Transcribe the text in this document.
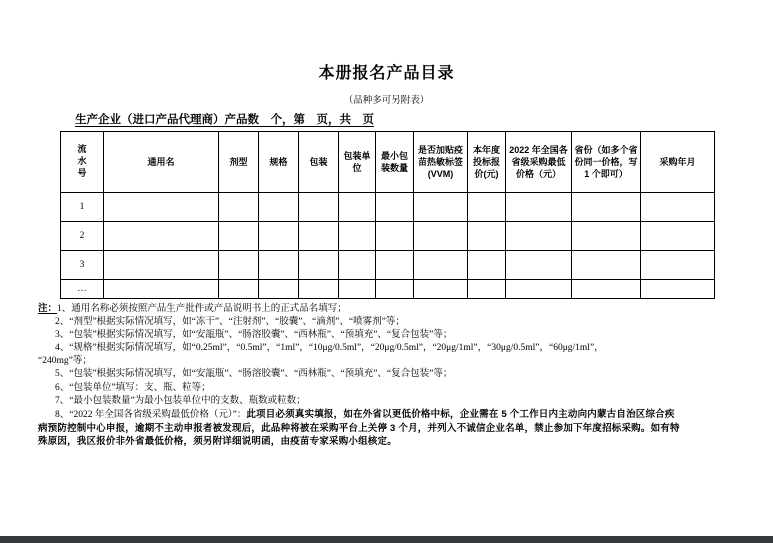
本册报名产品目录
（品种多可另附表）
生产企业（进口产品代理商）产品数　个，第　页，共　页
流水号	通用名	剂型	规格	包装	包装单位	最小包装数量	是否加贴疫苗热敏标签(VVM)	本年度投标报价(元)	2022 年全国各省级采购最低价格（元）	省份（如多个省份同一价格，写 1 个即可）	采购年月
1											
2											
3											
…											
注：1、通用名称必须按照产品生产批件或产品说明书上的正式品名填写；
2、“剂型”根据实际情况填写，如“冻干”、“注射剂”、“胶囊”、“滴剂”、“喷雾剂”等；
3、“包装”根据实际情况填写，如“安瓿瓶”、“肠溶胶囊”、“西林瓶”、“预填充”、“复合包装”等；
4、“规格”根据实际情况填写，如“0.25ml”，“0.5ml”，“1ml”，“10μg/0.5ml”，“20μg/0.5ml”，“20μg/1ml”，“30μg/0.5ml”，“60μg/1ml”，
“240mg”等；
5、“包装”根据实际情况填写，如“安瓿瓶”、“肠溶胶囊”、“西林瓶”、“预填充”、“复合包装”等；
6、“包装单位”填写：支、瓶、粒等；
7、“最小包装数量”为最小包装单位中的支数、瓶数或粒数；
8、“2022 年全国各省级采购最低价格（元）”：此项目必须真实填报，如在外省以更低价格中标，企业需在 5 个工作日内主动向内蒙古自治区综合疾
病预防控制中心申报，逾期不主动申报者被发现后，此品种将被在采购平台上关停 3 个月，并列入不诚信企业名单，禁止参加下年度招标采购。如有特
殊原因，我区报价非外省最低价格，须另附详细说明函，由疫苗专家采购小组核定。
